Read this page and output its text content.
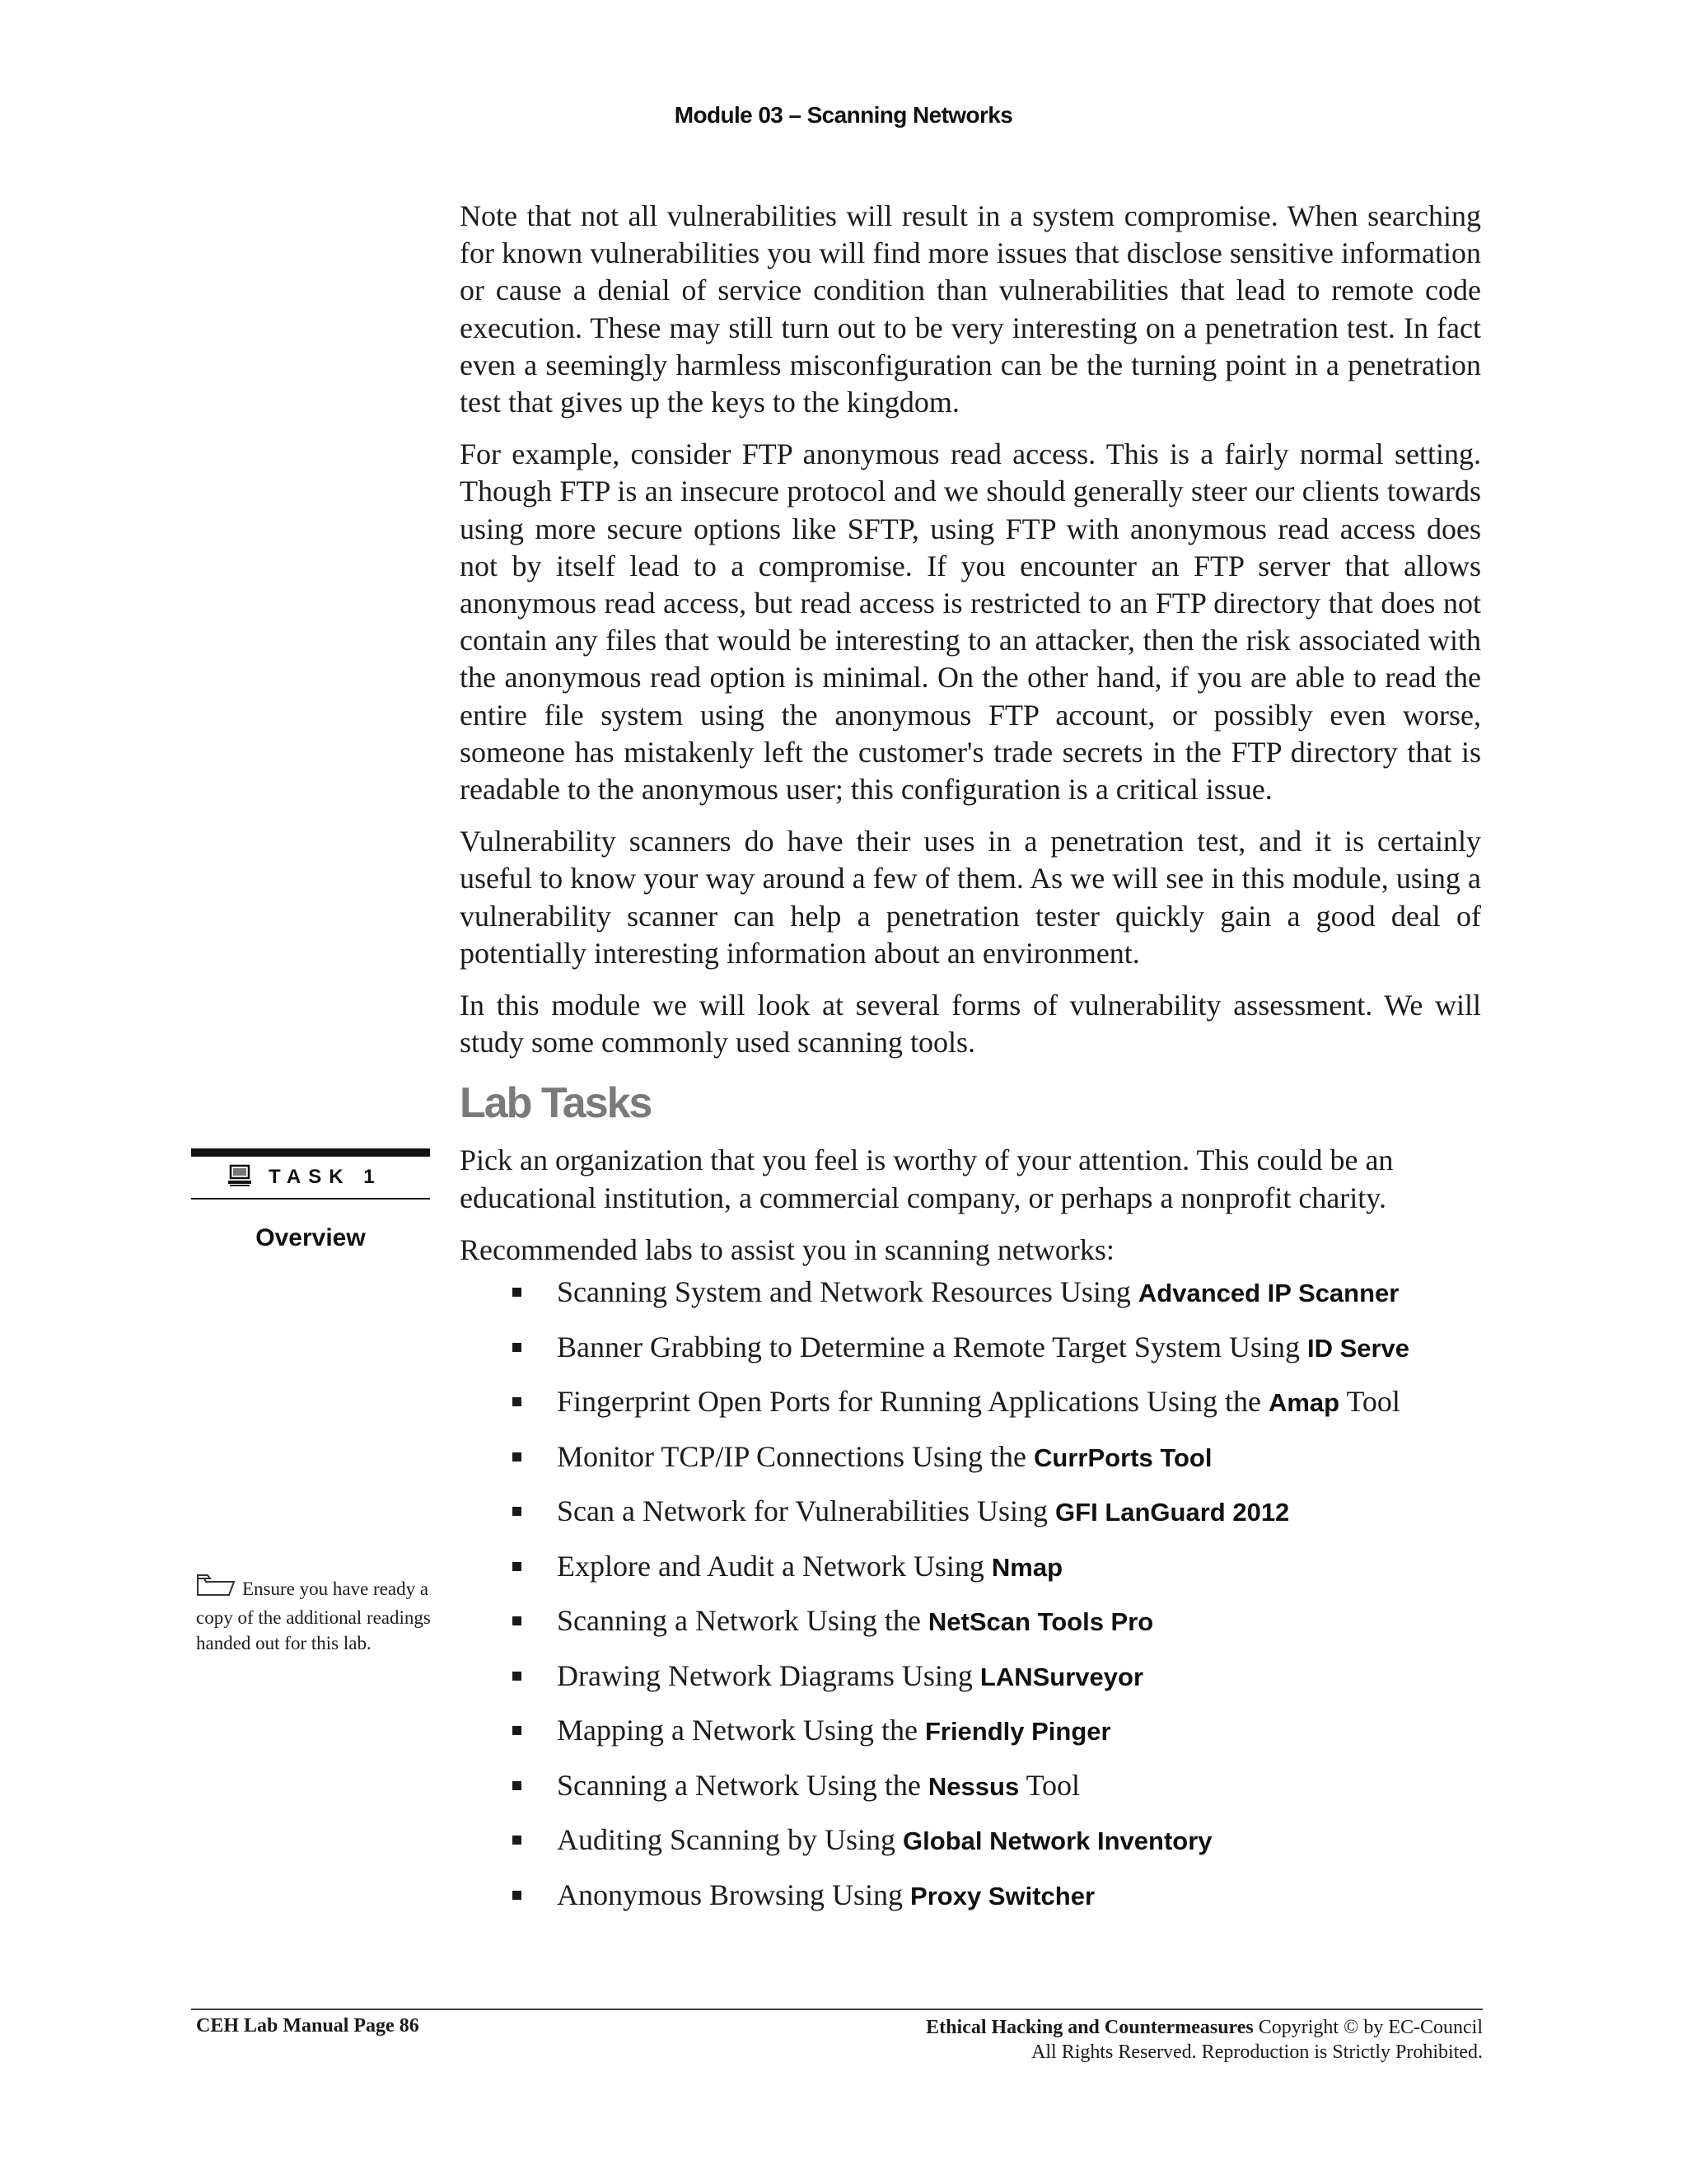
Module 03 – Scanning Networks

Note that not all vulnerabilities will result in a system compromise. When searching for known vulnerabilities you will find more issues that disclose sensitive information or cause a denial of service condition than vulnerabilities that lead to remote code execution. These may still turn out to be very interesting on a penetration test. In fact even a seemingly harmless misconfiguration can be the turning point in a penetration test that gives up the keys to the kingdom.

For example, consider FTP anonymous read access. This is a fairly normal setting. Though FTP is an insecure protocol and we should generally steer our clients towards using more secure options like SFTP, using FTP with anonymous read access does not by itself lead to a compromise. If you encounter an FTP server that allows anonymous read access, but read access is restricted to an FTP directory that does not contain any files that would be interesting to an attacker, then the risk associated with the anonymous read option is minimal. On the other hand, if you are able to read the entire file system using the anonymous FTP account, or possibly even worse, someone has mistakenly left the customer's trade secrets in the FTP directory that is readable to the anonymous user; this configuration is a critical issue.

Vulnerability scanners do have their uses in a penetration test, and it is certainly useful to know your way around a few of them. As we will see in this module, using a vulnerability scanner can help a penetration tester quickly gain a good deal of potentially interesting information about an environment.

In this module we will look at several forms of vulnerability assessment. We will study some commonly used scanning tools.

Lab Tasks

Pick an organization that you feel is worthy of your attention. This could be an educational institution, a commercial company, or perhaps a nonprofit charity.

Recommended labs to assist you in scanning networks:

Scanning System and Network Resources Using Advanced IP Scanner
Banner Grabbing to Determine a Remote Target System Using ID Serve
Fingerprint Open Ports for Running Applications Using the Amap Tool
Monitor TCP/IP Connections Using the CurrPorts Tool
Scan a Network for Vulnerabilities Using GFI LanGuard 2012
Explore and Audit a Network Using Nmap
Scanning a Network Using the NetScan Tools Pro
Drawing Network Diagrams Using LANSurveyor
Mapping a Network Using the Friendly Pinger
Scanning a Network Using the Nessus Tool
Auditing Scanning by Using Global Network Inventory
Anonymous Browsing Using Proxy Switcher
TASK 1
Overview
Ensure you have ready a copy of the additional readings handed out for this lab.
CEH Lab Manual Page 86	Ethical Hacking and Countermeasures Copyright © by EC-Council
All Rights Reserved. Reproduction is Strictly Prohibited.
